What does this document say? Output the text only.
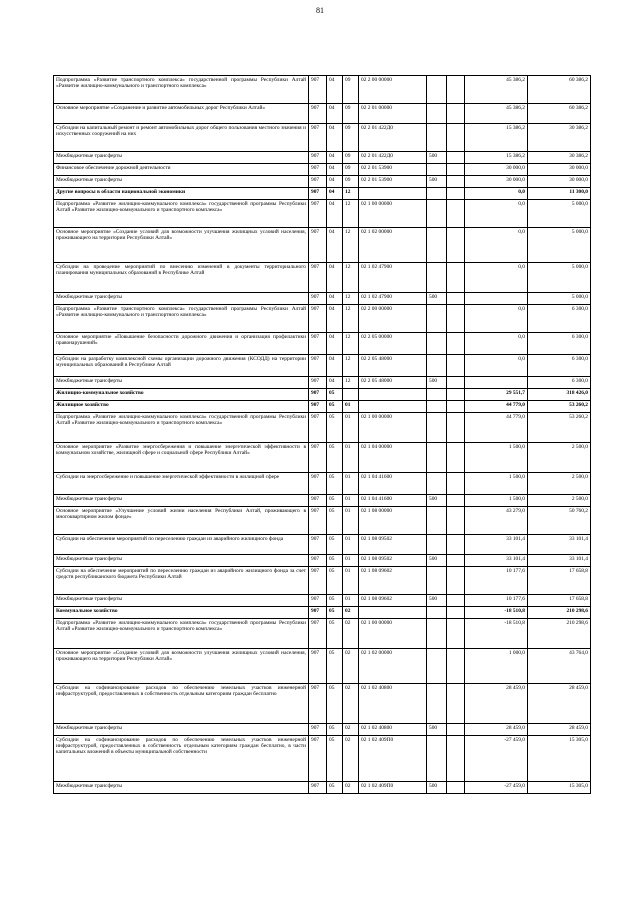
81
Подпрограмма «Развитие транспортного комплекса» государственной программы Республики Алтай «Развитие жилищно-коммунального и транспортного комплекса»	907	04	09	02 2 00 00000			45 386,2	60 386,2
Основное мероприятие «Сохранение и развитие автомобильных дорог Республики Алтай»	907	04	09	02 2 01 00000			45 386,2	60 386,2
Субсидии на капитальный ремонт и ремонт автомобильных дорог общего пользования местного значения и искусственных сооружений на них	907	04	09	02 2 01 422Д0			15 386,2	30 386,2
Межбюджетные трансферты	907	04	09	02 2 01 422Д0	500		15 386,2	30 386,2
Финансовое обеспечение дорожной деятельности	907	04	09	02 2 01 53900			30 000,0	30 000,0
Межбюджетные трансферты	907	04	09	02 2 01 53900	500		30 000,0	30 000,0
Другие вопросы в области национальной экономики	907	04	12				0,0	11 300,0
Подпрограмма «Развитие жилищно-коммунального комплекса» государственной программы Республики Алтай «Развитие жилищно-коммунального и транспортного комплекса»	907	04	12	02 1 00 00000			0,0	5 000,0
Основное мероприятие «Создание условий для возможности улучшения жилищных условий населения, проживающего на территории Республики Алтай»	907	04	12	02 1 02 00000			0,0	5 000,0
Субсидии на проведение мероприятий по внесению изменений в документы территориального планирования муниципальных образований в Республике Алтай	907	04	12	02 1 02 47900			0,0	5 000,0
Межбюджетные трансферты	907	04	12	02 1 02 47900	500			5 000,0
Подпрограмма «Развитие транспортного комплекса» государственной программы Республики Алтай «Развитие жилищно-коммунального и транспортного комплекса»	907	04	12	02 2 00 00000			0,0	6 300,0
Основное мероприятие «Повышение безопасности дорожного движения и организация профилактики правонарушений»	907	04	12	02 2 05 00000			0,0	6 300,0
Субсидии на разработку комплексной схемы организации дорожного движения (КСОДД) на территории муниципальных образований в Республике Алтай	907	04	12	02 2 05 48000			0,0	6 300,0
Межбюджетные трансферты	907	04	12	02 2 05 48000	500			6 300,0
Жилищно-коммунальное хозяйство	907	05					29 551,7	318 426,0
Жилищное хозяйство	907	05	01				44 779,0	53 260,2
Подпрограмма «Развитие жилищно-коммунального комплекса» государственной программы Республики Алтай «Развитие жилищно-коммунального и транспортного комплекса»	907	05	01	02 1 00 00000			44 779,0	53 260,2
Основное мероприятие «Развитие энергосбережения и повышение энергетической эффективности в коммунальном хозяйстве, жилищной сфере и социальной сфере Республики Алтай»	907	05	01	02 1 04 00000			1 500,0	2 500,0
Субсидии на энергосбережение и повышение энергетической эффективности в жилищной сфере	907	05	01	02 1 04 41600			1 500,0	2 500,0
Межбюджетные трансферты	907	05	01	02 1 04 41600	500		1 500,0	2 500,0
Основное мероприятие «Улучшение условий жизни населения Республики Алтай, проживающего в многоквартирном жилом фонде»	907	05	01	02 1 08 00000			43 279,0	50 760,2
Субсидии на обеспечение мероприятий по переселению граждан из аварийного жилищного фонда	907	05	01	02 1 08 09502			33 101,4	33 101,4
Межбюджетные трансферты	907	05	01	02 1 08 09502	500		33 101,4	33 101,4
Субсидии на обеспечение мероприятий по переселению граждан из аварийного жилищного фонда за счет средств республиканского бюджета Республики Алтай	907	05	01	02 1 08 09602			10 177,6	17 658,8
Межбюджетные трансферты	907	05	01	02 1 08 09602	500		10 177,6	17 658,8
Коммунальное хозяйство	907	05	02				-18 510,8	210 298,6
Подпрограмма «Развитие жилищно-коммунального комплекса» государственной программы Республики Алтай «Развитие жилищно-коммунального и транспортного комплекса»	907	05	02	02 1 00 00000			-18 510,8	210 298,6
Основное мероприятие «Создание условий для возможности улучшения жилищных условий населения, проживающего на территории Республики Алтай»	907	05	02	02 1 02 00000			1 000,0	43 764,0
Субсидии на софинансирование расходов по обеспечению земельных участков инженерной инфраструктурой, предоставленных в собственность отдельным категориям граждан бесплатно	907	05	02	02 1 02 40800			28 459,0	28 459,0
Межбюджетные трансферты	907	05	02	02 1 02 40800	500		28 459,0	28 459,0
Субсидии на софинансирование расходов по обеспечению земельных участков инженерной инфраструктурой, предоставленных в собственность отдельным категориям граждан бесплатно, в части капитальных вложений в объекты муниципальной собственности	907	05	02	02 1 02 409П0			-27 459,0	15 305,0
Межбюджетные трансферты	907	05	02	02 1 02 409П0	500		-27 459,0	15 305,0
